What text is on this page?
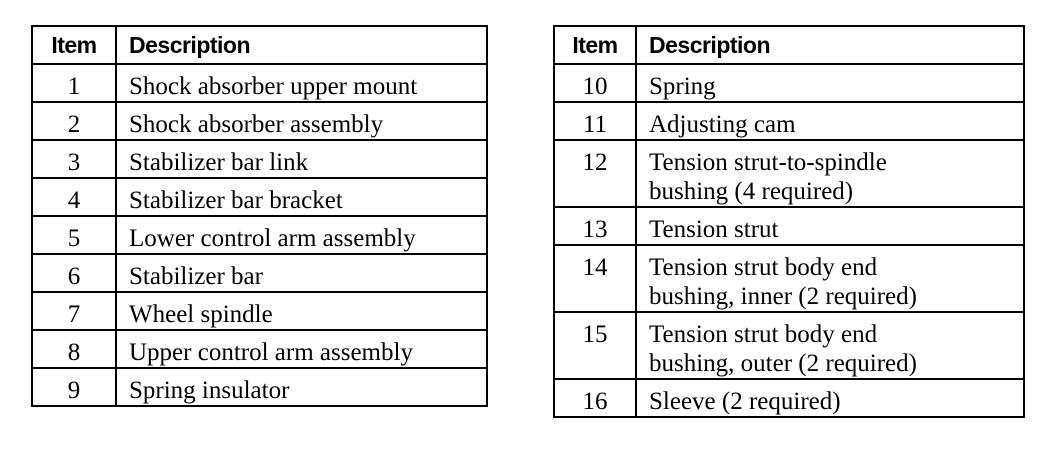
Item	Description
1	Shock absorber upper mount
2	Shock absorber assembly
3	Stabilizer bar link
4	Stabilizer bar bracket
5	Lower control arm assembly
6	Stabilizer bar
7	Wheel spindle
8	Upper control arm assembly
9	Spring insulator
Item	Description
10	Spring
11	Adjusting cam
12	Tension strut-to-spindle
bushing (4 required)

13	Tension strut
14	Tension strut body end
bushing, inner (2 required)

15	Tension strut body end
bushing, outer (2 required)

16	Sleeve (2 required)
